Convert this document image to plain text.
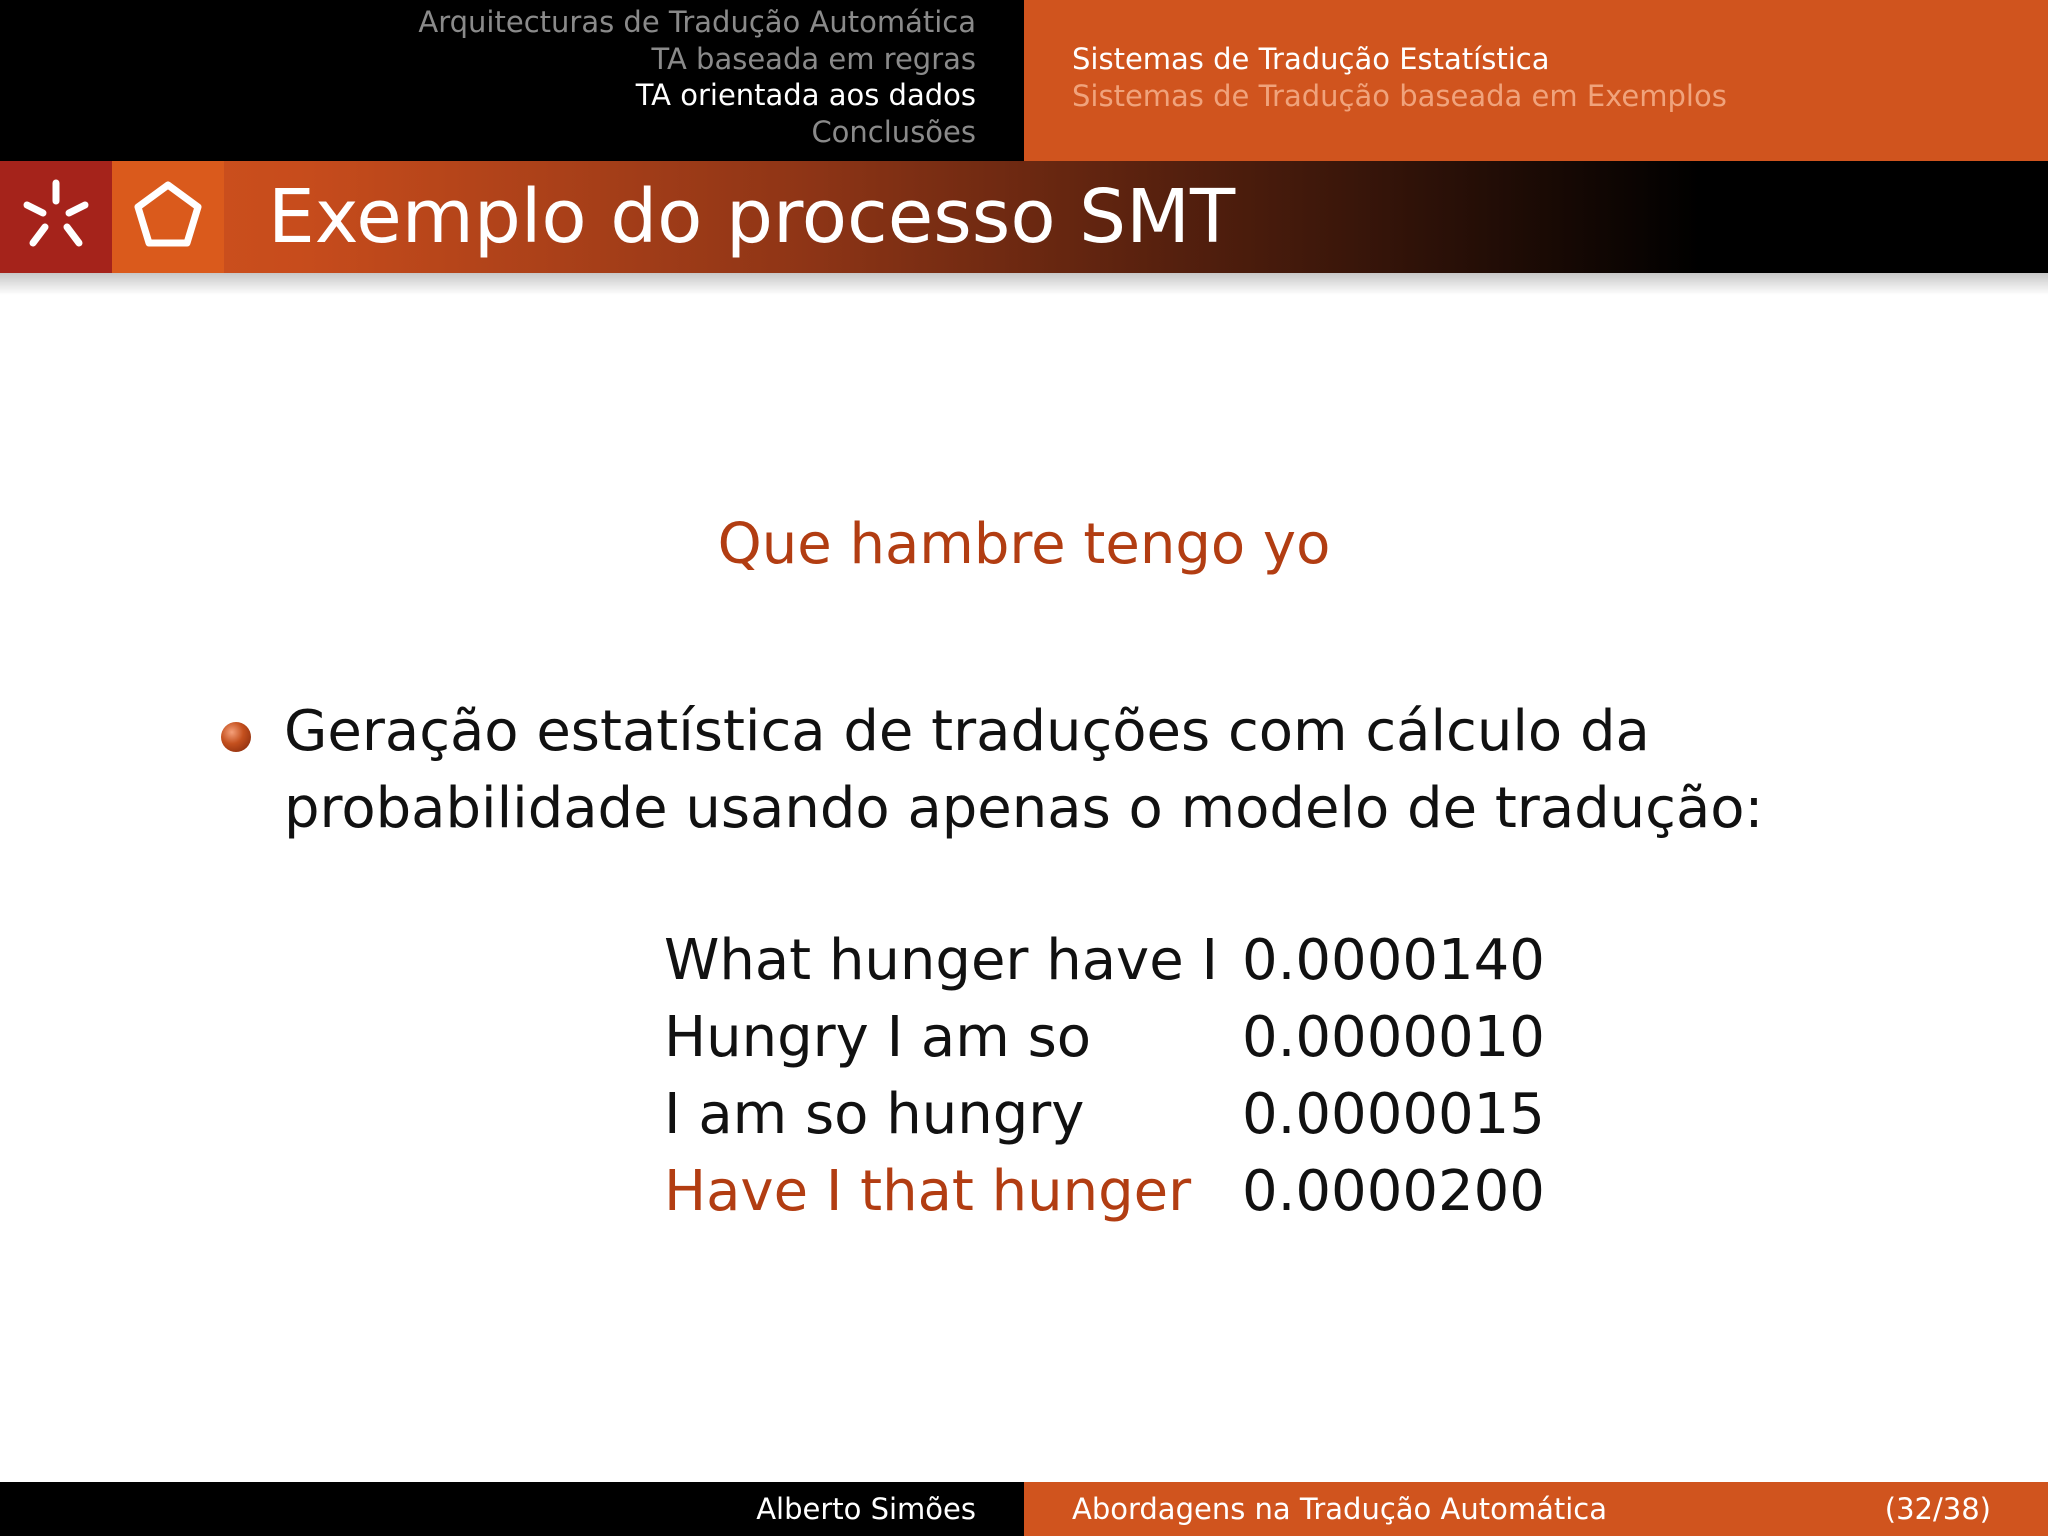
Arquitecturas de Tradução Automática
TA baseada em regras
TA orientada aos dados
Conclusões
Sistemas de Tradução Estatística
Sistemas de Tradução baseada em Exemplos
Exemplo do processo SMT
Que hambre tengo yo
Geração estatística de traduções com cálculo da probabilidade usando apenas o modelo de tradução:
What hunger have I	0.0000140
Hungry I am so	0.0000010
I am so hungry	0.0000015
Have I that hunger	0.0000200
Alberto Simões	Abordagens na Tradução Automática	(32/38)
